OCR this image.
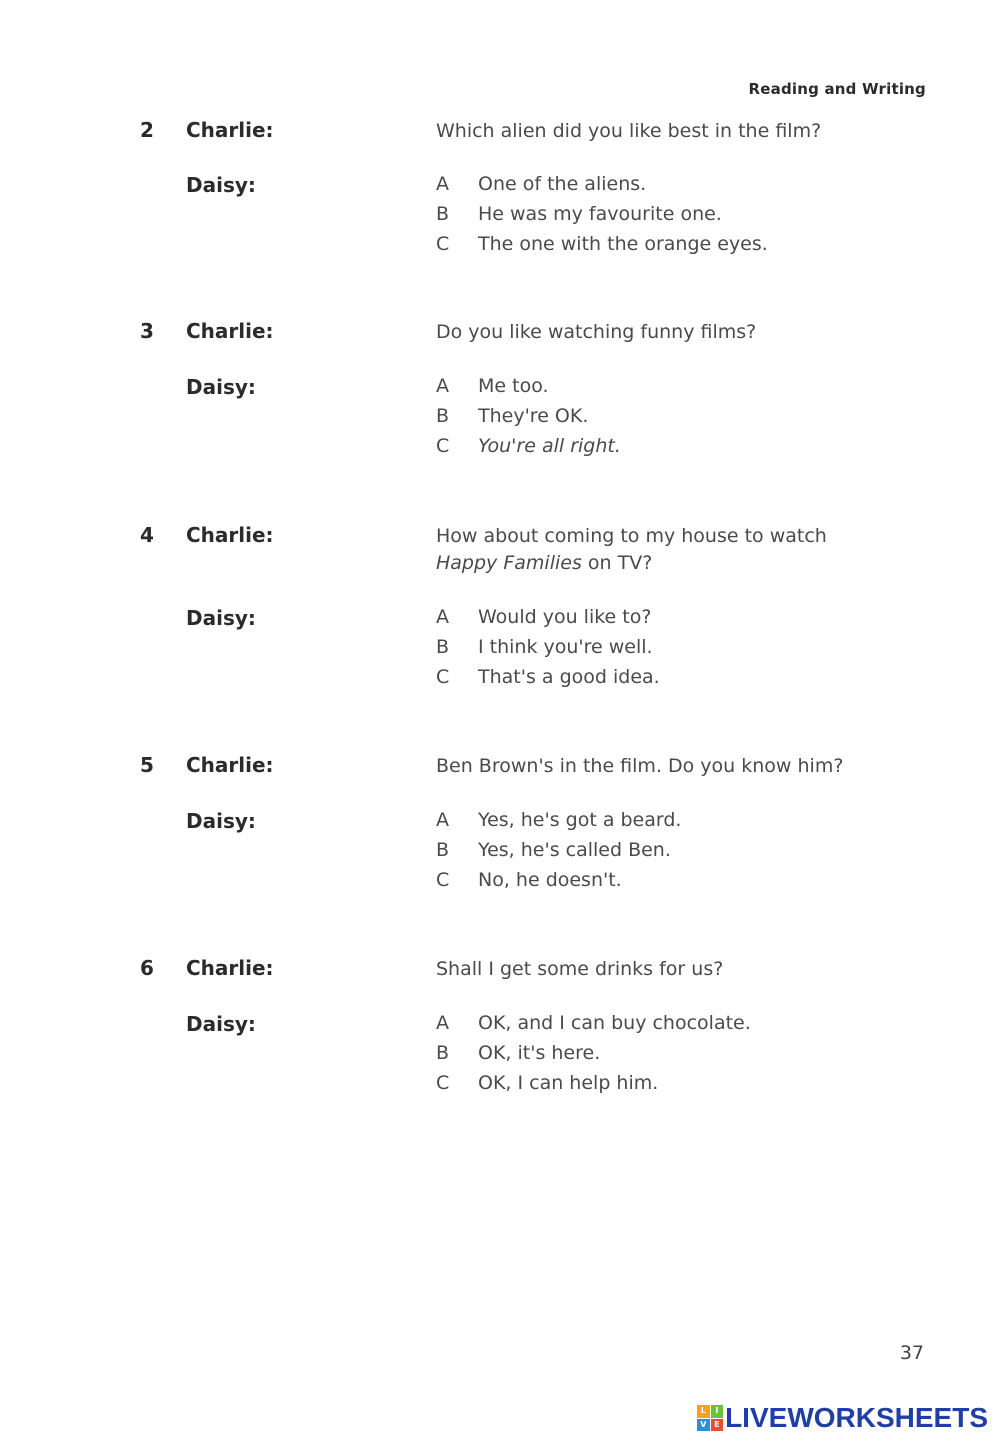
Reading and Writing
2 Charlie:	Which alien did you like best in the film?
Daisy:	A	One of the aliens.
B	He was my favourite one.
C	The one with the orange eyes.
3 Charlie:	Do you like watching funny films?
Daisy:	A	Me too.
B	They're OK.
C	You're all right.
4 Charlie:	How about coming to my house to watch
Happy Families on TV?
Daisy:	A	Would you like to?
B	I think you're well.
C	That's a good idea.
5 Charlie:	Ben Brown's in the film. Do you know him?
Daisy:	A	Yes, he's got a beard.
B	Yes, he's called Ben.
C	No, he doesn't.
6 Charlie:	Shall I get some drinks for us?
Daisy:	A	OK, and I can buy chocolate.
B	OK, it's here.
C	OK, I can help him.
37
L	I
V E LIVEWORKSHEETS
